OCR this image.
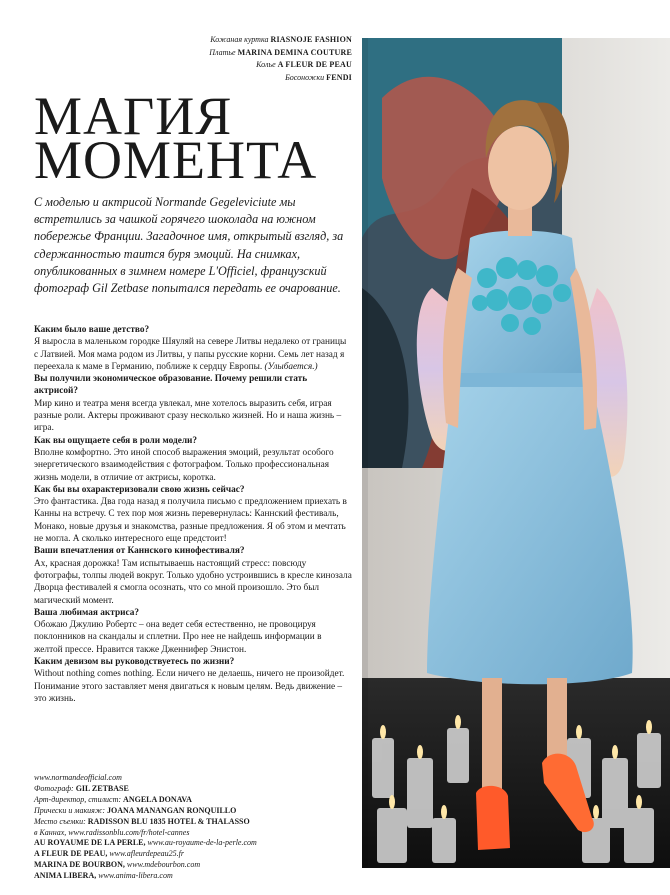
Кожаная куртка RIASNOJE FASHION
Платье MARINA DEMINA COUTURE
Колье A FLEUR DE PEAU
Босоножки FENDI
МАГИЯ
МОМЕНТА

С моделью и актрисой Normande Gegeleviciute мы встретились за чашкой горячего шоколада на южном побережье Франции. Загадочное имя, открытый взгляд, за сдержанностью таится буря эмоций. На снимках, опубликованных в зимнем номере L'Officiel, французский фотограф Gil Zetbase попытался передать ее очарование.

Каким было ваше детство?
Я выросла в маленьком городке Шяуляй на севере Литвы недалеко от границы с Латвией. Моя мама родом из Литвы, у папы русские корни. Семь лет назад я переехала к маме в Германию, поближе к сердцу Европы. (Улыбается.)
Вы получили экономическое образование. Почему решили стать актрисой?
Мир кино и театра меня всегда увлекал, мне хотелось выразить себя, играя разные роли. Актеры проживают сразу несколько жизней. Но и наша жизнь – игра.
Как вы ощущаете себя в роли модели?
Вполне комфортно. Это иной способ выражения эмоций, результат особого энергетического взаимодействия с фотографом. Только профессиональная жизнь модели, в отличие от актрисы, коротка.
Как бы вы охарактеризовали свою жизнь сейчас?
Это фантастика. Два года назад я получила письмо с предложением приехать в Канны на встречу. С тех пор моя жизнь перевернулась: Каннский фестиваль, Монако, новые друзья и знакомства, разные предложения. Я об этом и мечтать не могла. А сколько интересного еще предстоит!
Ваши впечатления от Каннского кинофестиваля?
Ах, красная дорожка! Там испытываешь настоящий стресс: повсюду фотографы, толпы людей вокруг. Только удобно устроившись в кресле кинозала Дворца фестивалей я смогла осознать, что со мной произошло. Это был магический момент.
Ваша любимая актриса?
Обожаю Джулию Робертс – она ведет себя естественно, не провоцируя поклонников на скандалы и сплетни. Про нее не найдешь информации в желтой прессе. Нравится также Дженнифер Энистон.
Каким девизом вы руководствуетесь по жизни?
Without nothing comes nothing. Если ничего не делаешь, ничего не произойдет. Понимание этого заставляет меня двигаться к новым целям. Ведь движение – это жизнь.
www.normandeofficial.com
Фотограф: GIL ZETBASE
Арт-директор, стилист: ANGELA DONAVA
Прически и макияж: JOANA MANANGAN RONQUILLO
Место съемки: RADISSON BLU 1835 HOTEL & THALASSO
в Каннах, www.radissonblu.com/fr/hotel-cannes
AU ROYAUME DE LA PERLE, www.au-royaume-de-la-perle.com
A FLEUR DE PEAU, www.afleurdepeau25.fr
MARINA DE BOURBON, www.mdebourbon.com
ANIMA LIBERA, www.anima-libera.com
